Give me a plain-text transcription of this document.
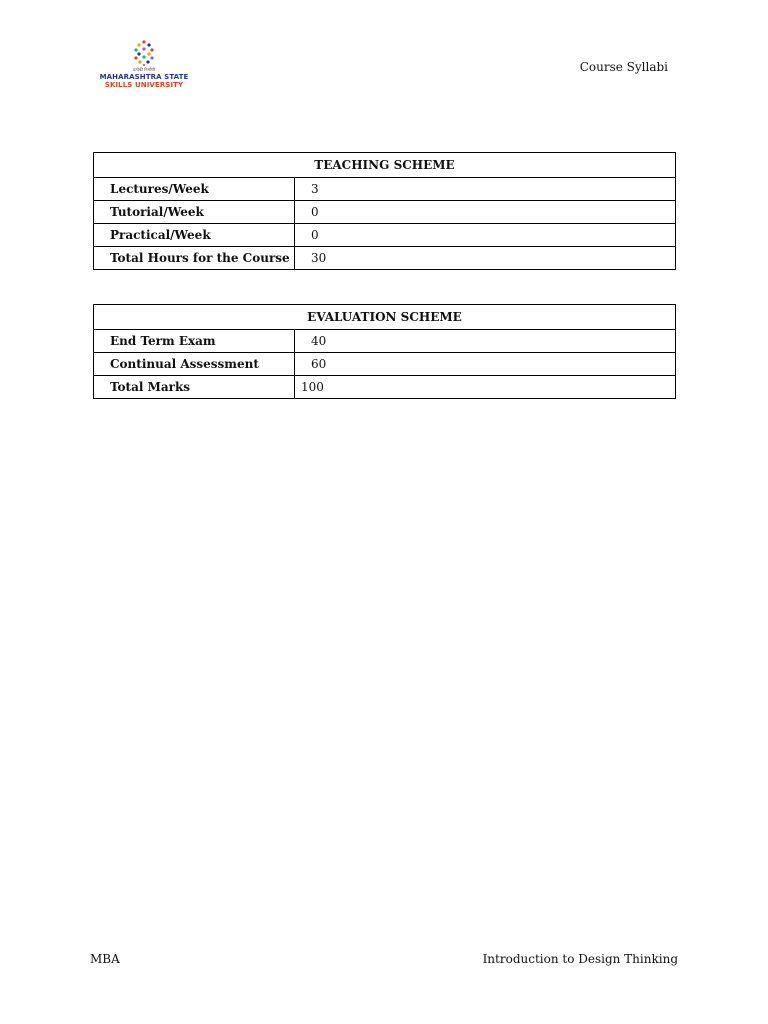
प्रत्येकी निर्माणी
MAHARASHTRA STATE
SKILLS UNIVERSITY
Course Syllabi
TEACHING SCHEME	
Lectures/Week	3
Tutorial/Week	0
Practical/Week	0
Total Hours for the Course	30
EVALUATION SCHEME	
End Term Exam	40
Continual Assessment	60
Total Marks	100
MBA	Introduction to Design Thinking
